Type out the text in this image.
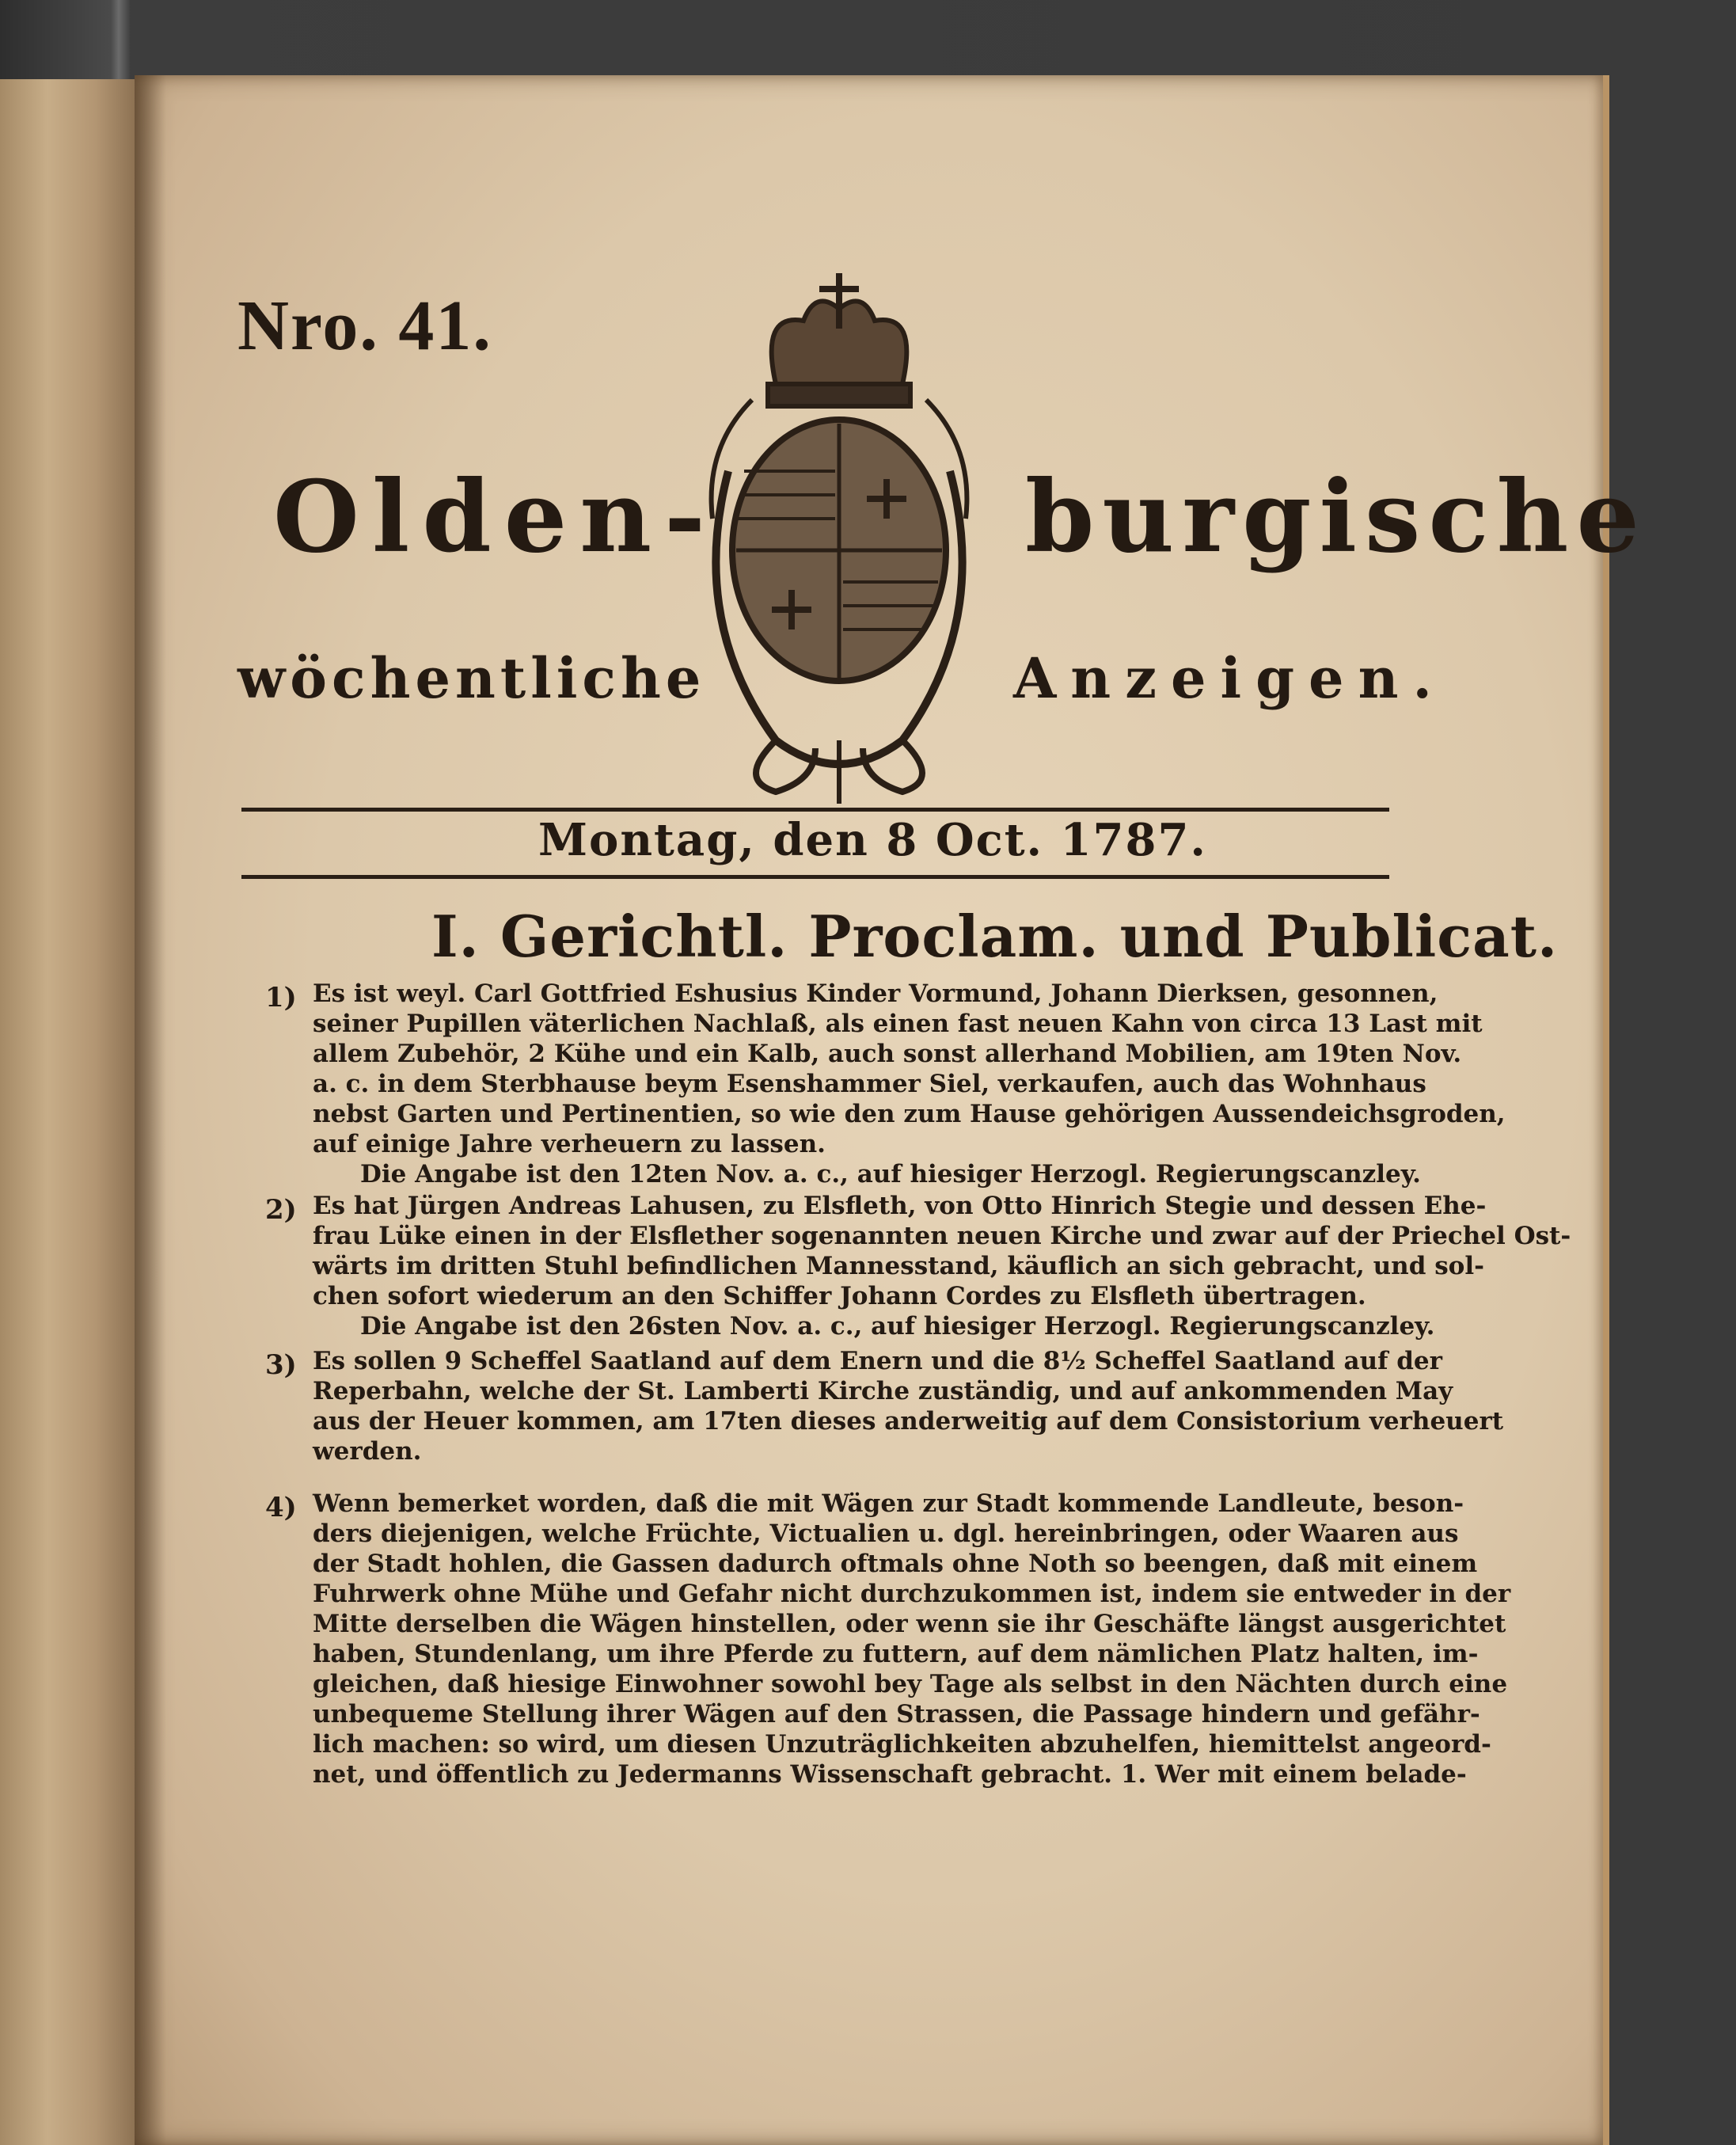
Nro. 41.
Olden-	burgische
wöchentliche	Anzeigen.
Montag, den 8 Oct. 1787.
I. Gerichtl. Proclam. und Publicat.
1) Es ist weyl. Carl Gottfried Eshusius Kinder Vormund, Johann Dierksen, gesonnen,
seiner Pupillen väterlichen Nachlaß, als einen fast neuen Kahn von circa 13 Last mit
allem Zubehör, 2 Kühe und ein Kalb, auch sonst allerhand Mobilien, am 19ten Nov.
a. c. in dem Sterbhause beym Esenshammer Siel, verkaufen, auch das Wohnhaus
nebst Garten und Pertinentien, so wie den zum Hause gehörigen Aussendeichsgroden,
auf einige Jahre verheuern zu lassen.
Die Angabe ist den 12ten Nov. a. c., auf hiesiger Herzogl. Regierungscanzley.
2) Es hat Jürgen Andreas Lahusen, zu Elsfleth, von Otto Hinrich Stegie und dessen Ehe-
frau Lüke einen in der Elsflether sogenannten neuen Kirche und zwar auf der Priechel Ost-
wärts im dritten Stuhl befindlichen Mannesstand, käuflich an sich gebracht, und sol-
chen sofort wiederum an den Schiffer Johann Cordes zu Elsfleth übertragen.
Die Angabe ist den 26sten Nov. a. c., auf hiesiger Herzogl. Regierungscanzley.
3) Es sollen 9 Scheffel Saatland auf dem Enern und die 8½ Scheffel Saatland auf der
Reperbahn, welche der St. Lamberti Kirche zuständig, und auf ankommenden May
aus der Heuer kommen, am 17ten dieses anderweitig auf dem Consistorium verheuert
werden.
4) Wenn bemerket worden, daß die mit Wägen zur Stadt kommende Landleute, beson-
ders diejenigen, welche Früchte, Victualien u. dgl. hereinbringen, oder Waaren aus
der Stadt hohlen, die Gassen dadurch oftmals ohne Noth so beengen, daß mit einem
Fuhrwerk ohne Mühe und Gefahr nicht durchzukommen ist, indem sie entweder in der
Mitte derselben die Wägen hinstellen, oder wenn sie ihr Geschäfte längst ausgerichtet
haben, Stundenlang, um ihre Pferde zu futtern, auf dem nämlichen Platz halten, im-
gleichen, daß hiesige Einwohner sowohl bey Tage als selbst in den Nächten durch eine
unbequeme Stellung ihrer Wägen auf den Strassen, die Passage hindern und gefähr-
lich machen: so wird, um diesen Unzuträglichkeiten abzuhelfen, hiemittelst angeord-
net, und öffentlich zu Jedermanns Wissenschaft gebracht. 1. Wer mit einem belade-
